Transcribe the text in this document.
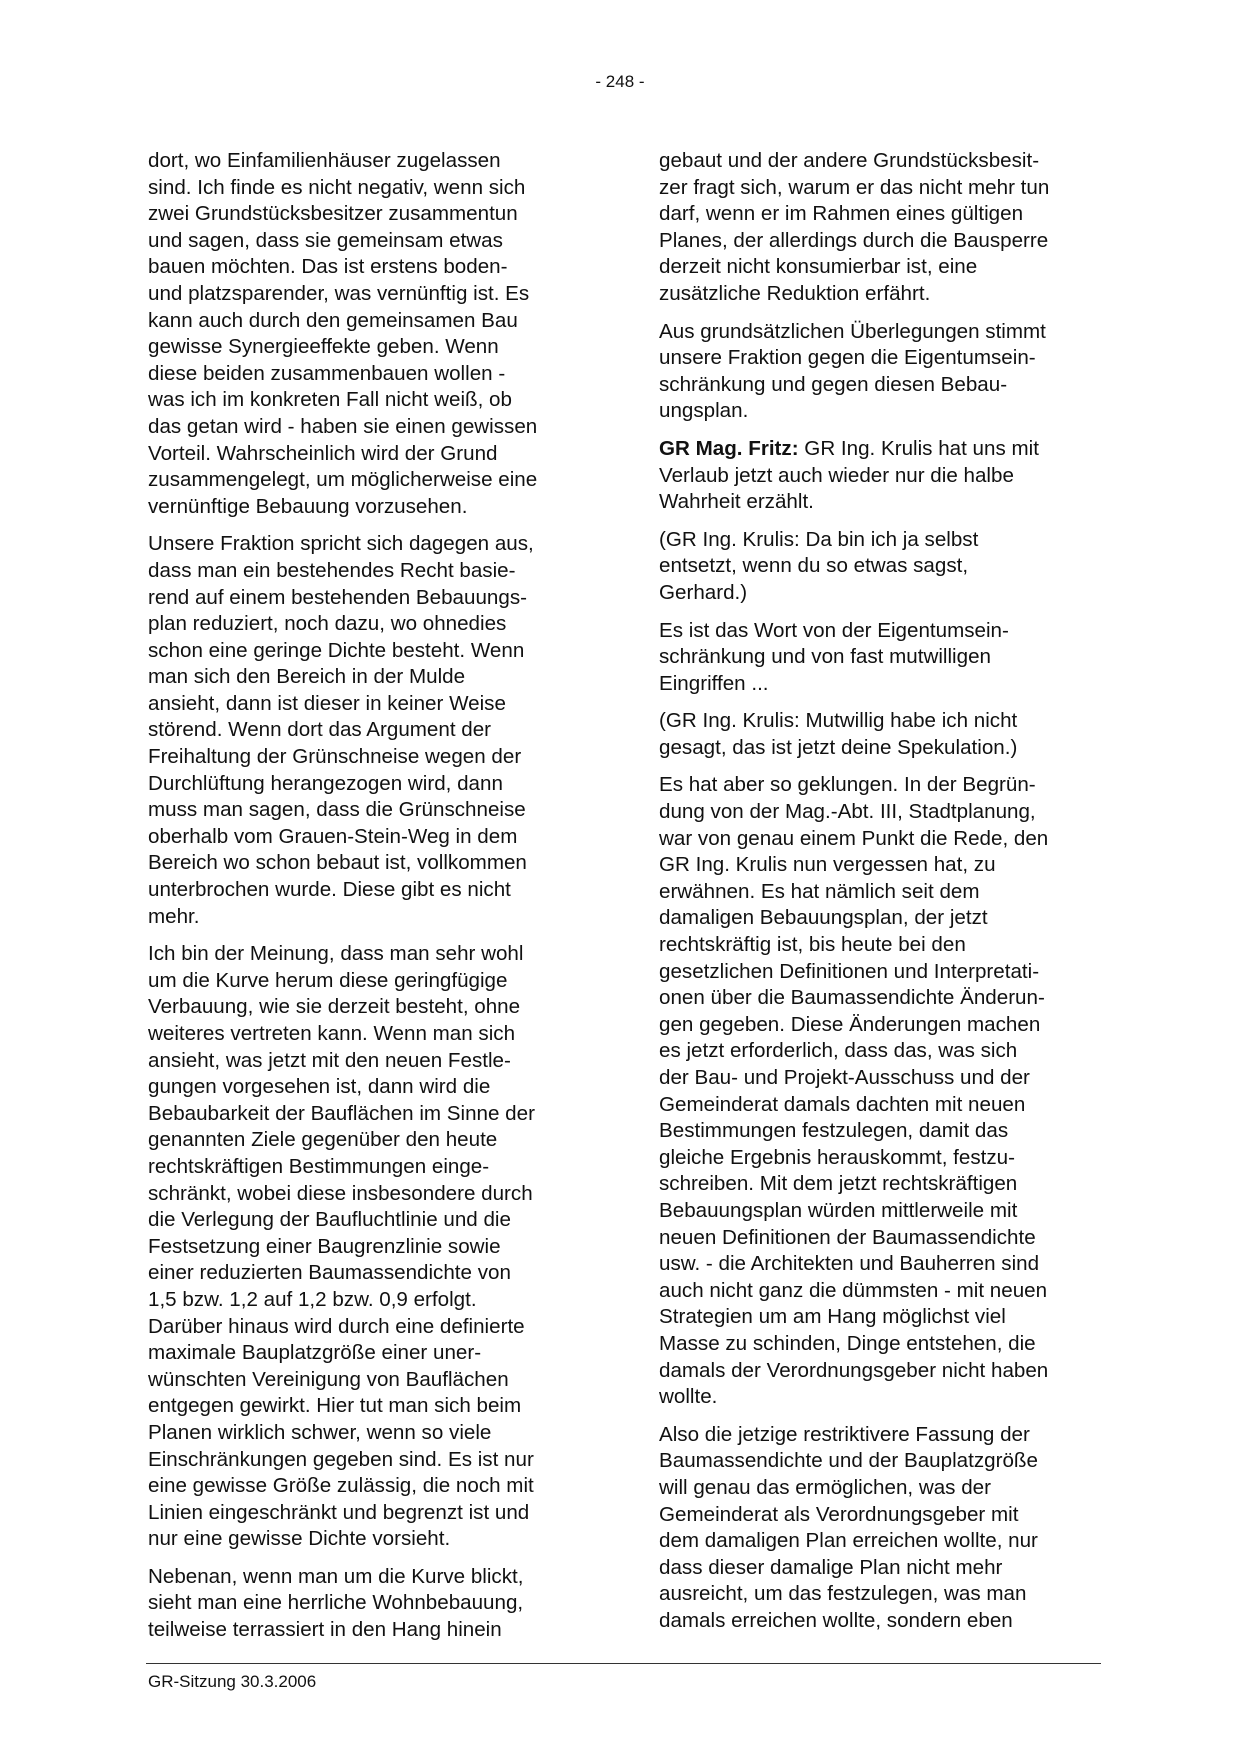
- 248 -

dort, wo Einfamilienhäuser zugelassen
sind. Ich finde es nicht negativ, wenn sich
zwei Grundstücksbesitzer zusammentun
und sagen, dass sie gemeinsam etwas
bauen möchten. Das ist erstens boden-
und platzsparender, was vernünftig ist. Es
kann auch durch den gemeinsamen Bau
gewisse Synergieeffekte geben. Wenn
diese beiden zusammenbauen wollen -
was ich im konkreten Fall nicht weiß, ob
das getan wird - haben sie einen gewissen
Vorteil. Wahrscheinlich wird der Grund
zusammengelegt, um möglicherweise eine
vernünftige Bebauung vorzusehen.

Unsere Fraktion spricht sich dagegen aus,
dass man ein bestehendes Recht basie-
rend auf einem bestehenden Bebauungs-
plan reduziert, noch dazu, wo ohnedies
schon eine geringe Dichte besteht. Wenn
man sich den Bereich in der Mulde
ansieht, dann ist dieser in keiner Weise
störend. Wenn dort das Argument der
Freihaltung der Grünschneise wegen der
Durchlüftung herangezogen wird, dann
muss man sagen, dass die Grünschneise
oberhalb vom Grauen-Stein-Weg in dem
Bereich wo schon bebaut ist, vollkommen
unterbrochen wurde. Diese gibt es nicht
mehr.

Ich bin der Meinung, dass man sehr wohl
um die Kurve herum diese geringfügige
Verbauung, wie sie derzeit besteht, ohne
weiteres vertreten kann. Wenn man sich
ansieht, was jetzt mit den neuen Festle-
gungen vorgesehen ist, dann wird die
Bebaubarkeit der Bauflächen im Sinne der
genannten Ziele gegenüber den heute
rechtskräftigen Bestimmungen einge-
schränkt, wobei diese insbesondere durch
die Verlegung der Baufluchtlinie und die
Festsetzung einer Baugrenzlinie sowie
einer reduzierten Baumassendichte von
1,5 bzw. 1,2 auf 1,2 bzw. 0,9 erfolgt.
Darüber hinaus wird durch eine definierte
maximale Bauplatzgröße einer uner-
wünschten Vereinigung von Bauflächen
entgegen gewirkt. Hier tut man sich beim
Planen wirklich schwer, wenn so viele
Einschränkungen gegeben sind. Es ist nur
eine gewisse Größe zulässig, die noch mit
Linien eingeschränkt und begrenzt ist und
nur eine gewisse Dichte vorsieht.

Nebenan, wenn man um die Kurve blickt,
sieht man eine herrliche Wohnbebauung,
teilweise terrassiert in den Hang hinein

gebaut und der andere Grundstücksbesit-
zer fragt sich, warum er das nicht mehr tun
darf, wenn er im Rahmen eines gültigen
Planes, der allerdings durch die Bausperre
derzeit nicht konsumierbar ist, eine
zusätzliche Reduktion erfährt.

Aus grundsätzlichen Überlegungen stimmt
unsere Fraktion gegen die Eigentumsein-
schränkung und gegen diesen Bebau-
ungsplan.

GR Mag. Fritz: GR Ing. Krulis hat uns mit
Verlaub jetzt auch wieder nur die halbe
Wahrheit erzählt.

(GR Ing. Krulis: Da bin ich ja selbst
entsetzt, wenn du so etwas sagst,
Gerhard.)

Es ist das Wort von der Eigentumsein-
schränkung und von fast mutwilligen
Eingriffen ...

(GR Ing. Krulis: Mutwillig habe ich nicht
gesagt, das ist jetzt deine Spekulation.)

Es hat aber so geklungen. In der Begrün-
dung von der Mag.-Abt. III, Stadtplanung,
war von genau einem Punkt die Rede, den
GR Ing. Krulis nun vergessen hat, zu
erwähnen. Es hat nämlich seit dem
damaligen Bebauungsplan, der jetzt
rechtskräftig ist, bis heute bei den
gesetzlichen Definitionen und Interpretati-
onen über die Baumassendichte Änderun-
gen gegeben. Diese Änderungen machen
es jetzt erforderlich, dass das, was sich
der Bau- und Projekt-Ausschuss und der
Gemeinderat damals dachten mit neuen
Bestimmungen festzulegen, damit das
gleiche Ergebnis herauskommt, festzu-
schreiben. Mit dem jetzt rechtskräftigen
Bebauungsplan würden mittlerweile mit
neuen Definitionen der Baumassendichte
usw. - die Architekten und Bauherren sind
auch nicht ganz die dümmsten - mit neuen
Strategien um am Hang möglichst viel
Masse zu schinden, Dinge entstehen, die
damals der Verordnungsgeber nicht haben
wollte.

Also die jetzige restriktivere Fassung der
Baumassendichte und der Bauplatzgröße
will genau das ermöglichen, was der
Gemeinderat als Verordnungsgeber mit
dem damaligen Plan erreichen wollte, nur
dass dieser damalige Plan nicht mehr
ausreicht, um das festzulegen, was man
damals erreichen wollte, sondern eben

GR-Sitzung 30.3.2006
